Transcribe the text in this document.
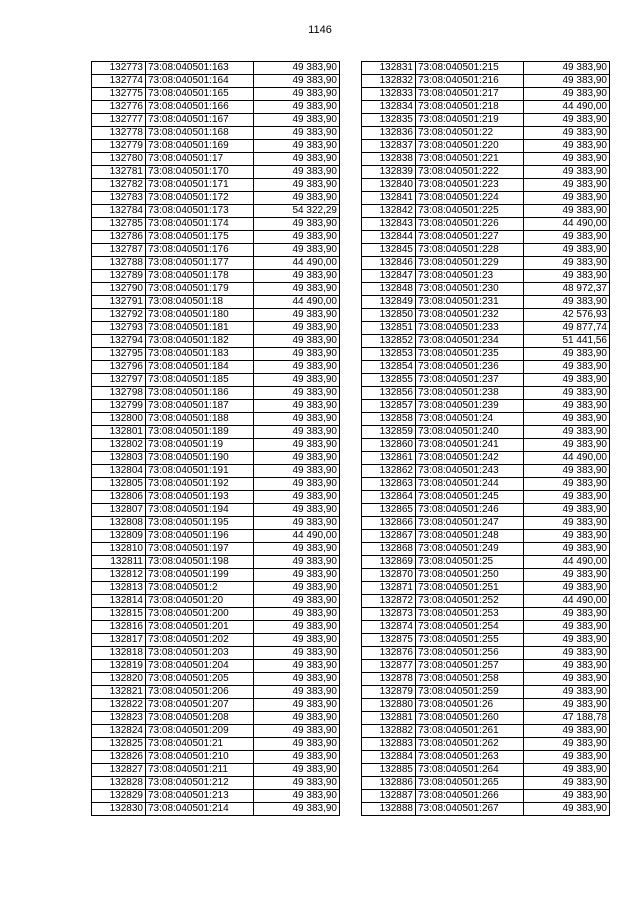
1146
132773	73:08:040501:163	49 383,90
132774	73:08:040501:164	49 383,90
132775	73:08:040501:165	49 383,90
132776	73:08:040501:166	49 383,90
132777	73:08:040501:167	49 383,90
132778	73:08:040501:168	49 383,90
132779	73:08:040501:169	49 383,90
132780	73:08:040501:17	49 383,90
132781	73:08:040501:170	49 383,90
132782	73:08:040501:171	49 383,90
132783	73:08:040501:172	49 383,90
132784	73:08:040501:173	54 322,29
132785	73:08:040501:174	49 383,90
132786	73:08:040501:175	49 383,90
132787	73:08:040501:176	49 383,90
132788	73:08:040501:177	44 490,00
132789	73:08:040501:178	49 383,90
132790	73:08:040501:179	49 383,90
132791	73:08:040501:18	44 490,00
132792	73:08:040501:180	49 383,90
132793	73:08:040501:181	49 383,90
132794	73:08:040501:182	49 383,90
132795	73:08:040501:183	49 383,90
132796	73:08:040501:184	49 383,90
132797	73:08:040501:185	49 383,90
132798	73:08:040501:186	49 383,90
132799	73:08:040501:187	49 383,90
132800	73:08:040501:188	49 383,90
132801	73:08:040501:189	49 383,90
132802	73:08:040501:19	49 383,90
132803	73:08:040501:190	49 383,90
132804	73:08:040501:191	49 383,90
132805	73:08:040501:192	49 383,90
132806	73:08:040501:193	49 383,90
132807	73:08:040501:194	49 383,90
132808	73:08:040501:195	49 383,90
132809	73:08:040501:196	44 490,00
132810	73:08:040501:197	49 383,90
132811	73:08:040501:198	49 383,90
132812	73:08:040501:199	49 383,90
132813	73:08:040501:2	49 383,90
132814	73:08:040501:20	49 383,90
132815	73:08:040501:200	49 383,90
132816	73:08:040501:201	49 383,90
132817	73:08:040501:202	49 383,90
132818	73:08:040501:203	49 383,90
132819	73:08:040501:204	49 383,90
132820	73:08:040501:205	49 383,90
132821	73:08:040501:206	49 383,90
132822	73:08:040501:207	49 383,90
132823	73:08:040501:208	49 383,90
132824	73:08:040501:209	49 383,90
132825	73:08:040501:21	49 383,90
132826	73:08:040501:210	49 383,90
132827	73:08:040501:211	49 383,90
132828	73:08:040501:212	49 383,90
132829	73:08:040501:213	49 383,90
132830	73:08:040501:214	49 383,90
132831	73:08:040501:215	49 383,90
132832	73:08:040501:216	49 383,90
132833	73:08:040501:217	49 383,90
132834	73:08:040501:218	44 490,00
132835	73:08:040501:219	49 383,90
132836	73:08:040501:22	49 383,90
132837	73:08:040501:220	49 383,90
132838	73:08:040501:221	49 383,90
132839	73:08:040501:222	49 383,90
132840	73:08:040501:223	49 383,90
132841	73:08:040501:224	49 383,90
132842	73:08:040501:225	49 383,90
132843	73:08:040501:226	44 490,00
132844	73:08:040501:227	49 383,90
132845	73:08:040501:228	49 383,90
132846	73:08:040501:229	49 383,90
132847	73:08:040501:23	49 383,90
132848	73:08:040501:230	48 972,37
132849	73:08:040501:231	49 383,90
132850	73:08:040501:232	42 576,93
132851	73:08:040501:233	49 877,74
132852	73:08:040501:234	51 441,56
132853	73:08:040501:235	49 383,90
132854	73:08:040501:236	49 383,90
132855	73:08:040501:237	49 383,90
132856	73:08:040501:238	49 383,90
132857	73:08:040501:239	49 383,90
132858	73:08:040501:24	49 383,90
132859	73:08:040501:240	49 383,90
132860	73:08:040501:241	49 383,90
132861	73:08:040501:242	44 490,00
132862	73:08:040501:243	49 383,90
132863	73:08:040501:244	49 383,90
132864	73:08:040501:245	49 383,90
132865	73:08:040501:246	49 383,90
132866	73:08:040501:247	49 383,90
132867	73:08:040501:248	49 383,90
132868	73:08:040501:249	49 383,90
132869	73:08:040501:25	44 490,00
132870	73:08:040501:250	49 383,90
132871	73:08:040501:251	49 383,90
132872	73:08:040501:252	44 490,00
132873	73:08:040501:253	49 383,90
132874	73:08:040501:254	49 383,90
132875	73:08:040501:255	49 383,90
132876	73:08:040501:256	49 383,90
132877	73:08:040501:257	49 383,90
132878	73:08:040501:258	49 383,90
132879	73:08:040501:259	49 383,90
132880	73:08:040501:26	49 383,90
132881	73:08:040501:260	47 188,78
132882	73:08:040501:261	49 383,90
132883	73:08:040501:262	49 383,90
132884	73:08:040501:263	49 383,90
132885	73:08:040501:264	49 383,90
132886	73:08:040501:265	49 383,90
132887	73:08:040501:266	49 383,90
132888	73:08:040501:267	49 383,90
